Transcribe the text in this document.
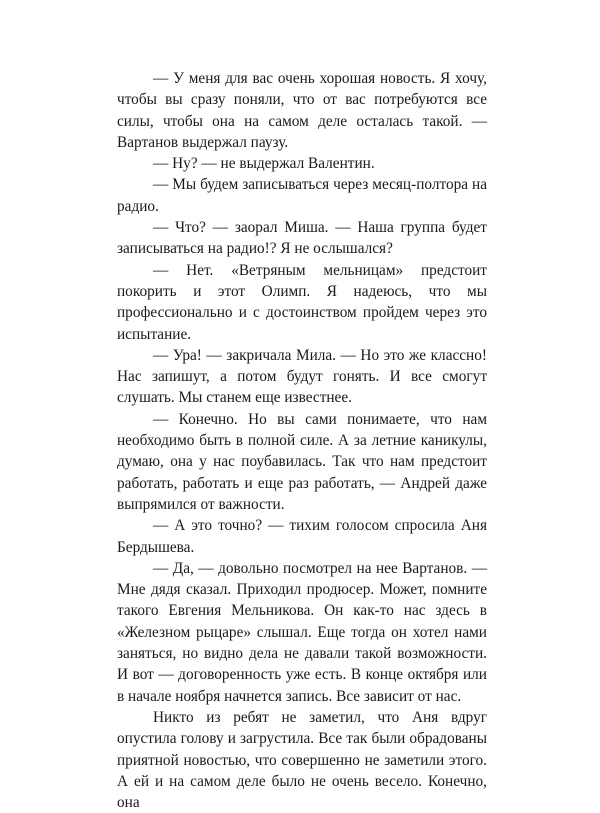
— У меня для вас очень хорошая новость. Я хочу, чтобы вы сразу поняли, что от вас потребуются все силы, чтобы она на самом деле осталась такой. — Вартанов выдержал паузу.

— Ну? — не выдержал Валентин.

— Мы будем записываться через месяц-полтора на радио.

— Что? — заорал Миша. — Наша группа будет записываться на радио!? Я не ослышался?

— Нет. «Ветряным мельницам» предстоит покорить и этот Олимп. Я надеюсь, что мы профессионально и с достоинством пройдем через это испытание.

— Ура! — закричала Мила. — Но это же классно! Нас запишут, а потом будут гонять. И все смогут слушать. Мы станем еще известнее.

— Конечно. Но вы сами понимаете, что нам необходимо быть в полной силе. А за летние каникулы, думаю, она у нас поубавилась. Так что нам предстоит работать, работать и еще раз работать, — Андрей даже выпрямился от важности.

— А это точно? — тихим голосом спросила Аня Бердышева.

— Да, — довольно посмотрел на нее Вартанов. — Мне дядя сказал. Приходил продюсер. Может, помните такого Евгения Мельникова. Он как-то нас здесь в «Железном рыцаре» слышал. Еще тогда он хотел нами заняться, но видно дела не давали такой возможности. И вот — договоренность уже есть. В конце октября или в начале ноября начнется запись. Все зависит от нас.

Никто из ребят не заметил, что Аня вдруг опустила голову и загрустила. Все так были обрадованы приятной новостью, что совершенно не заметили этого. А ей и на самом деле было не очень весело. Конечно, она
